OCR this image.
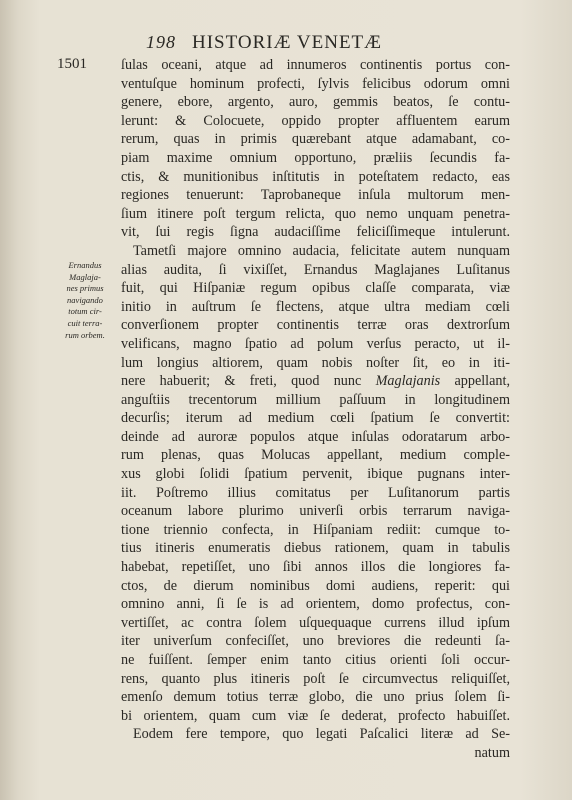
198 HISTORIÆ VENETÆ
1501
Ernandus
Maglaja-
nes primus
navigando
totum cir-
cuit terra-
rum orbem.
ſulas oceani, atque ad innumeros continentis portus con-
ventuſque hominum profecti, ſylvis felicibus odorum omni
genere, ebore, argento, auro, gemmis beatos, ſe contu-
lerunt: & Colocuete, oppido propter affluentem earum
rerum, quas in primis quærebant atque adamabant, co-
piam maxime omnium opportuno, præliis ſecundis fa-
ctis, & munitionibus inſtitutis in poteſtatem redacto, eas
regiones tenuerunt: Taprobaneque inſula multorum men-
ſium itinere poſt tergum relicta, quo nemo unquam penetra-
vit, ſui regis ſigna audaciſſime feliciſſimeque intulerunt.
Tametſi majore omnino audacia, felicitate autem nunquam
alias audita, ſi vixiſſet, Ernandus Maglajanes Luſitanus
fuit, qui Hiſpaniæ regum opibus claſſe comparata, viæ
initio in auſtrum ſe flectens, atque ultra mediam cœli
converſionem propter continentis terræ oras dextrorſum
velificans, magno ſpatio ad polum verſus peracto, ut il-
lum longius altiorem, quam nobis noſter ſit, eo in iti-
nere habuerit; & freti, quod nunc Maglajanis appellant,
anguſtiis trecentorum millium paſſuum in longitudinem
decurſis; iterum ad medium cœli ſpatium ſe convertit:
deinde ad auroræ populos atque inſulas odoratarum arbo-
rum plenas, quas Molucas appellant, medium comple-
xus globi ſolidi ſpatium pervenit, ibique pugnans inter-
iit. Poſtremo illius comitatus per Luſitanorum partis
oceanum labore plurimo univerſi orbis terrarum naviga-
tione triennio confecta, in Hiſpaniam rediit: cumque to-
tius itineris enumeratis diebus rationem, quam in tabulis
habebat, repetiſſet, uno ſibi annos illos die longiores fa-
ctos, de dierum nominibus domi audiens, reperit: qui
omnino anni, ſi ſe is ad orientem, domo profectus, con-
vertiſſet, ac contra ſolem uſquequaque currens illud ipſum
iter univerſum confeciſſet, uno breviores die redeunti ſa-
ne fuiſſent. ſemper enim tanto citius orienti ſoli occur-
rens, quanto plus itineris poſt ſe circumvectus reliquiſſet,
emenſo demum totius terræ globo, die uno prius ſolem ſi-
bi orientem, quam cum viæ ſe dederat, profecto habuiſſet.
Eodem fere tempore, quo legati Paſcalici literæ ad Se-
natum
